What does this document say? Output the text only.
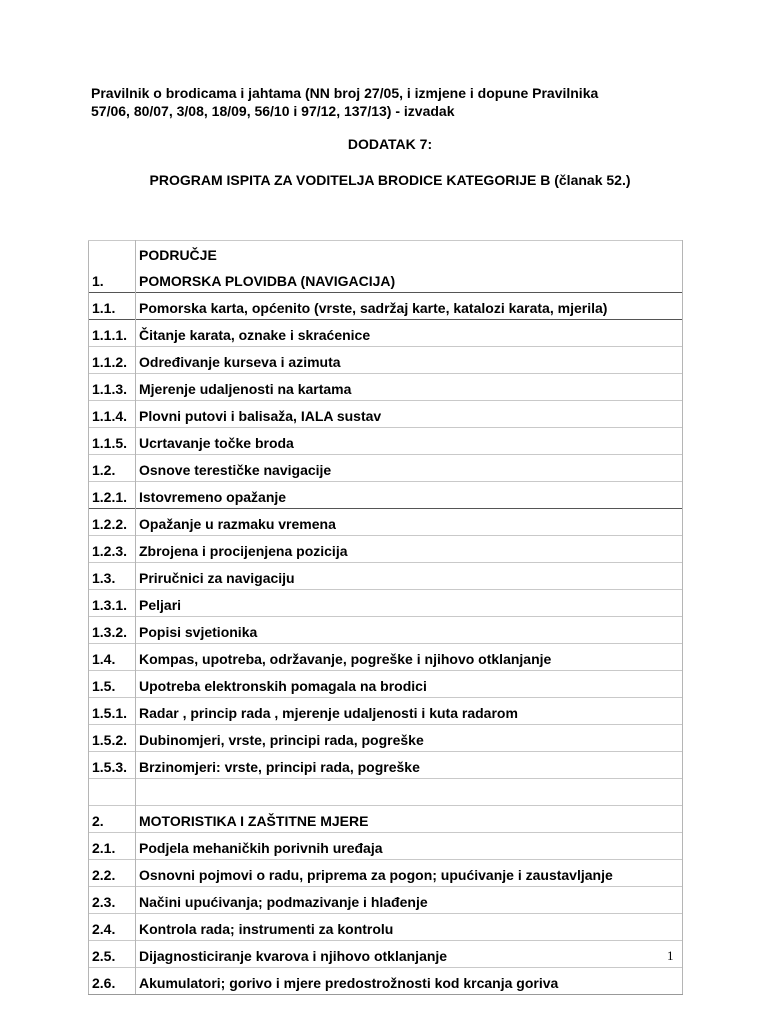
Pravilnik o brodicama i jahtama (NN broj 27/05, i izmjene i dopune Pravilnika
57/06, 80/07, 3/08, 18/09, 56/10 i 97/12, 137/13) - izvadak
DODATAK 7:
PROGRAM ISPITA ZA VODITELJA BRODICE KATEGORIJE B (članak 52.)
	PODRUČJE
1.	POMORSKA PLOVIDBA (NAVIGACIJA)
1.1.	Pomorska karta, općenito (vrste, sadržaj karte, katalozi karata, mjerila)
1.1.1.	Čitanje karata, oznake i skraćenice
1.1.2.	Određivanje kurseva i azimuta
1.1.3.	Mjerenje udaljenosti na kartama
1.1.4.	Plovni putovi i balisaža, IALA sustav
1.1.5.	Ucrtavanje točke broda
1.2.	Osnove terestičke navigacije
1.2.1.	Istovremeno opažanje
1.2.2.	Opažanje u razmaku vremena
1.2.3.	Zbrojena i procijenjena pozicija
1.3.	Priručnici za navigaciju
1.3.1.	Peljari
1.3.2.	Popisi svjetionika
1.4.	Kompas, upotreba, održavanje, pogreške i njihovo otklanjanje
1.5.	Upotreba elektronskih pomagala na brodici
1.5.1.	Radar , princip rada , mjerenje udaljenosti i kuta radarom
1.5.2.	Dubinomjeri, vrste, principi rada, pogreške
1.5.3.	Brzinomjeri: vrste, principi rada, pogreške

2.	MOTORISTIKA I ZAŠTITNE MJERE
2.1.	Podjela mehaničkih porivnih uređaja
2.2.	Osnovni pojmovi o radu, priprema za pogon; upućivanje i zaustavljanje
2.3.	Načini upućivanja; podmazivanje i hlađenje
2.4.	Kontrola rada; instrumenti za kontrolu
2.5.	Dijagnosticiranje kvarova i njihovo otklanjanje
2.6.	Akumulatori; gorivo i mjere predostrožnosti kod krcanja goriva
1
